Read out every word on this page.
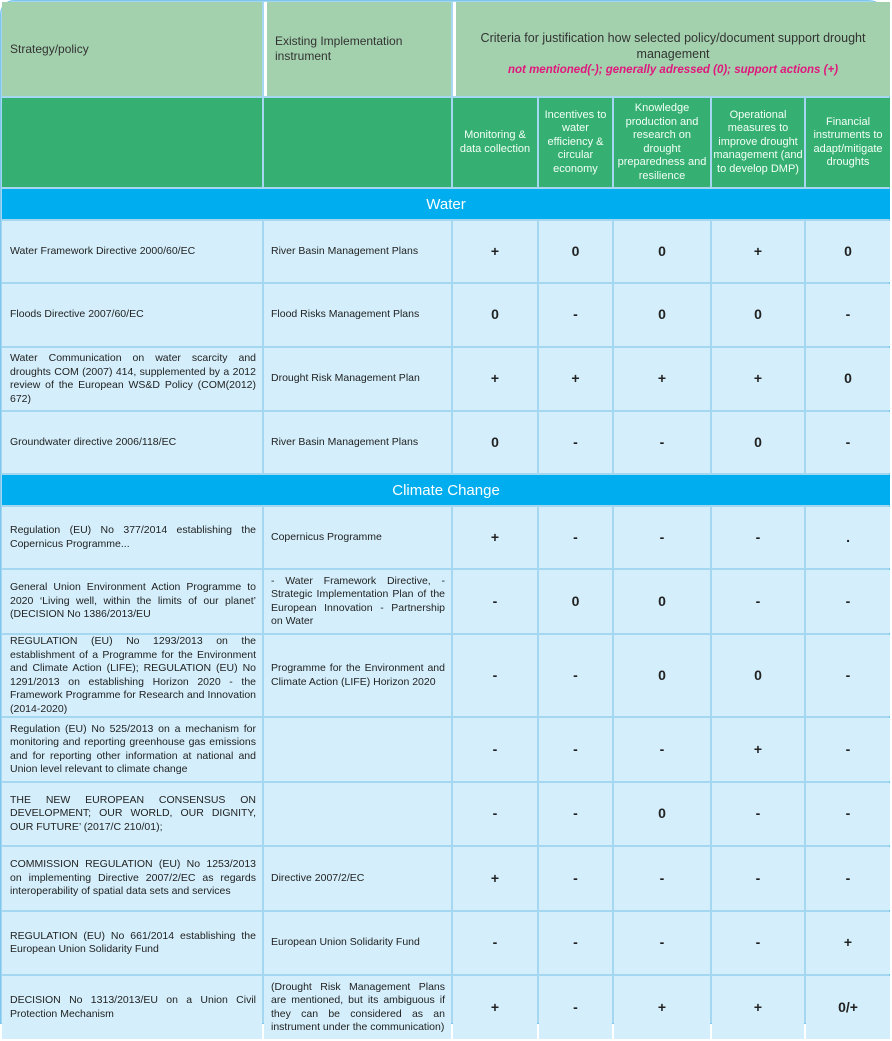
Strategy/policy	Existing Implementation instrument	Criteria for justification how selected policy/document support drought management
not mentioned(-); generally adressed (0); support actions (+)				

		Monitoring & data collection	Incentives to water efficiency & circular economy	Knowledge production and research on drought preparedness and resilience	Operational measures to improve drought management (and to develop DMP)	Financial instruments to adapt/mitigate droughts
Water						
Water Framework Directive 2000/60/EC	River Basin Management Plans	+	0	0	+	0
Floods Directive 2007/60/EC	Flood Risks Management Plans	0	-	0	0	-
Water Communication on water scarcity and droughts COM (2007) 414, supplemented by a 2012 review of the European WS&D Policy (COM(2012) 672)	Drought Risk Management Plan	+	+	+	+	0
Groundwater directive 2006/118/EC	River Basin Management Plans	0	-	-	0	-
Climate Change						
Regulation (EU) No 377/2014 establishing the Copernicus Programme...	Copernicus Programme	+	-	-	-	.
General Union Environment Action Programme to 2020 ‘Living well, within the limits of our planet’ (DECISION No 1386/2013/EU	- Water Framework Directive, - Strategic Implementation Plan of the European Innovation - Partnership on Water	-	0	0	-	-
REGULATION (EU) No 1293/2013 on the establishment of a Programme for the Environment and Climate Action (LIFE); REGULATION (EU) No 1291/2013 on establishing Horizon 2020 - the Framework Programme for Research and Innovation (2014-2020)	Programme for the Environment and Climate Action (LIFE) Horizon 2020	-	-	0	0	-
Regulation (EU) No 525/2013 on a mechanism for monitoring and reporting greenhouse gas emissions and for reporting other information at national and Union level relevant to climate change		-	-	-	+	-
THE NEW EUROPEAN CONSENSUS ON DEVELOPMENT; OUR WORLD, OUR DIGNITY, OUR FUTURE’ (2017/C 210/01);		-	-	0	-	-
COMMISSION REGULATION (EU) No 1253/2013 on implementing Directive 2007/2/EC as regards interoperability of spatial data sets and services	Directive 2007/2/EC	+	-	-	-	-
REGULATION (EU) No 661/2014 establishing the European Union Solidarity Fund	European Union Solidarity Fund	-	-	-	-	+
DECISION No 1313/2013/EU on a Union Civil Protection Mechanism	(Drought Risk Management Plans are mentioned, but its ambiguous if they can be considered as an instrument under the communication)	+	-	+	+	0/+
